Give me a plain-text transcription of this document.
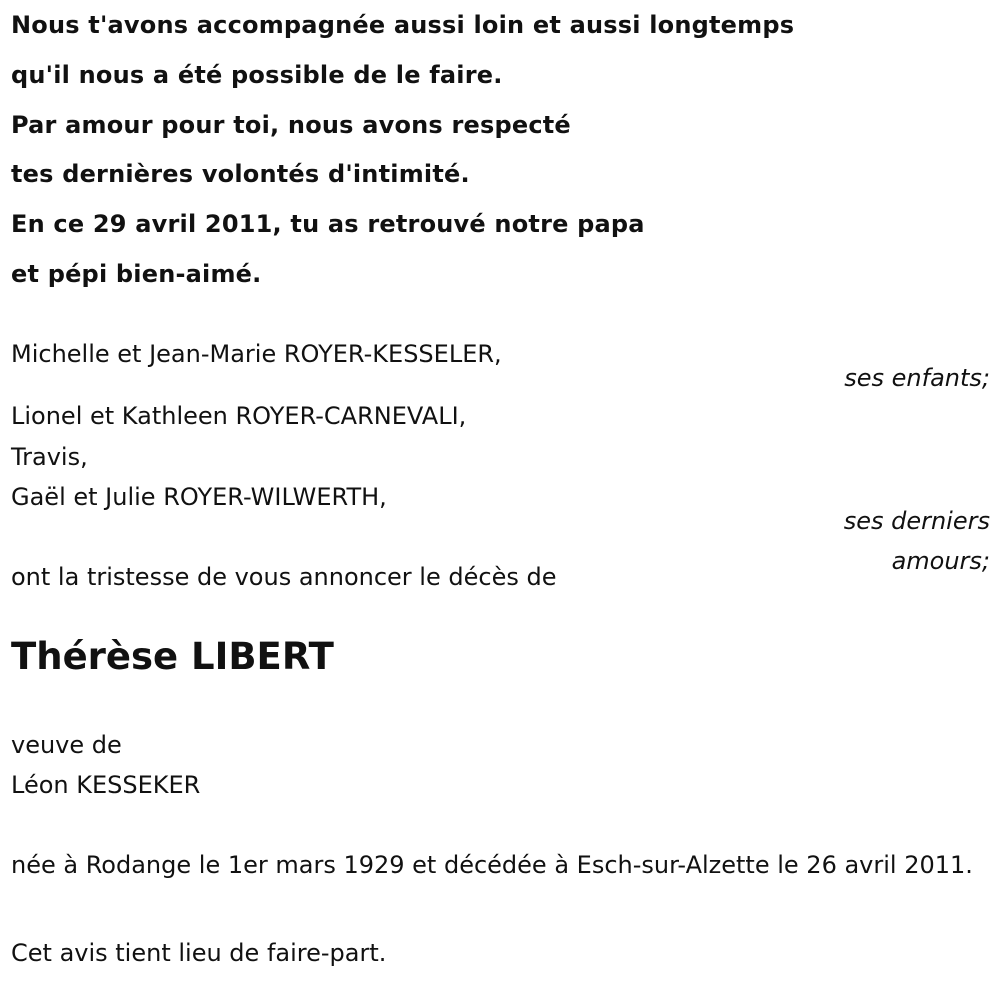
Nous t'avons accompagnée aussi loin et aussi longtemps
qu'il nous a été possible de le faire.
Par amour pour toi, nous avons respecté
tes dernières volontés d'intimité.
En ce 29 avril 2011, tu as retrouvé notre papa
et pépi bien-aimé.
Michelle et Jean-Marie ROYER-KESSELER,
ses enfants;
Lionel et Kathleen ROYER-CARNEVALI,
Travis,
Gaël et Julie ROYER-WILWERTH,
ses derniers
amours;
ont la tristesse de vous annoncer le décès de
Thérèse LIBERT
veuve de
Léon KESSEKER
née à Rodange le 1er mars 1929 et décédée à Esch-sur-Alzette le 26 avril 2011.
Cet avis tient lieu de faire-part.
